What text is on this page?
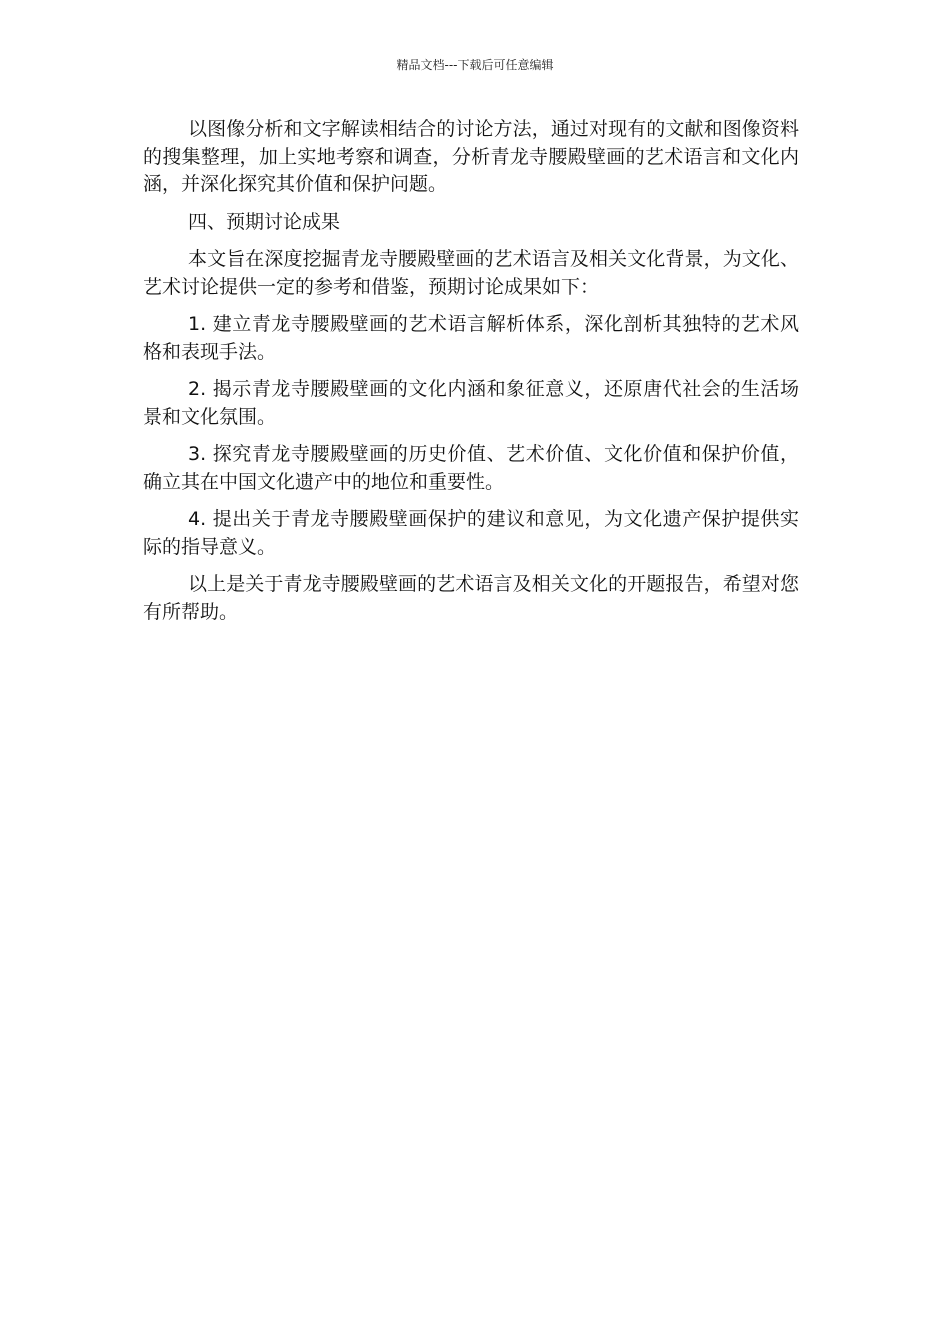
精品文档---下载后可任意编辑

以图像分析和文字解读相结合的讨论方法，通过对现有的文献和图像资料的搜集整理，加上实地考察和调查，分析青龙寺腰殿壁画的艺术语言和文化内涵，并深化探究其价值和保护问题。

四、预期讨论成果

本文旨在深度挖掘青龙寺腰殿壁画的艺术语言及相关文化背景，为文化、艺术讨论提供一定的参考和借鉴，预期讨论成果如下：

1. 建立青龙寺腰殿壁画的艺术语言解析体系，深化剖析其独特的艺术风格和表现手法。

2. 揭示青龙寺腰殿壁画的文化内涵和象征意义，还原唐代社会的生活场景和文化氛围。

3. 探究青龙寺腰殿壁画的历史价值、艺术价值、文化价值和保护价值，确立其在中国文化遗产中的地位和重要性。

4. 提出关于青龙寺腰殿壁画保护的建议和意见，为文化遗产保护提供实际的指导意义。

以上是关于青龙寺腰殿壁画的艺术语言及相关文化的开题报告，希望对您有所帮助。
